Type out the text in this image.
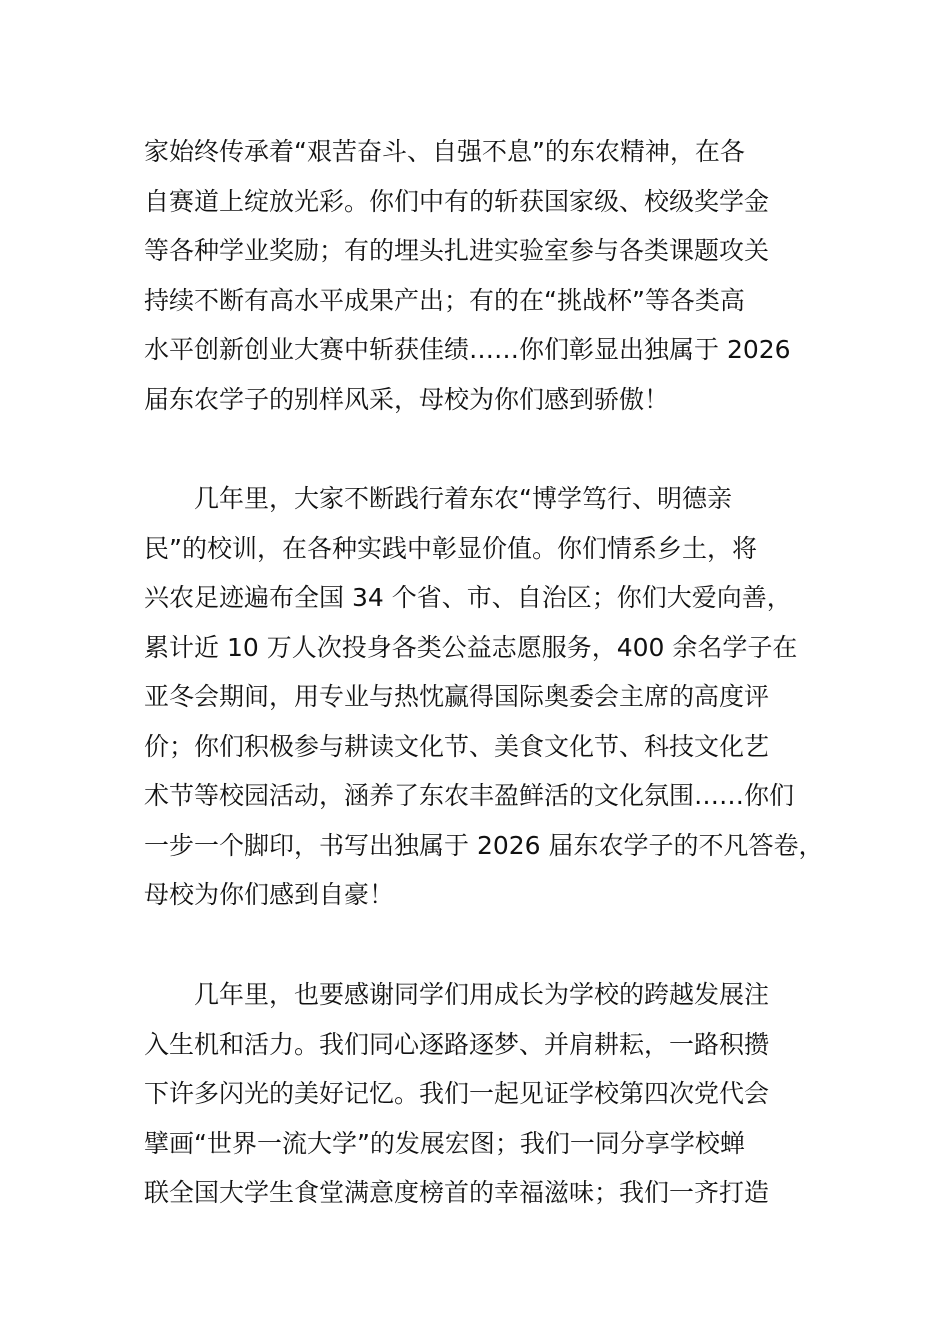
家始终传承着“艰苦奋斗、自强不息”的东农精神，在各
自赛道上绽放光彩。你们中有的斩获国家级、校级奖学金
等各种学业奖励；有的埋头扎进实验室参与各类课题攻关
持续不断有高水平成果产出；有的在“挑战杯”等各类高
水平创新创业大赛中斩获佳绩……你们彰显出独属于 2026
届东农学子的别样风采，母校为你们感到骄傲！
　　几年里，大家不断践行着东农“博学笃行、明德亲
民”的校训，在各种实践中彰显价值。你们情系乡土，将
兴农足迹遍布全国 34 个省、市、自治区；你们大爱向善，
累计近 10 万人次投身各类公益志愿服务，400 余名学子在
亚冬会期间，用专业与热忱赢得国际奥委会主席的高度评
价；你们积极参与耕读文化节、美食文化节、科技文化艺
术节等校园活动，涵养了东农丰盈鲜活的文化氛围……你们
一步一个脚印，书写出独属于 2026 届东农学子的不凡答卷，
母校为你们感到自豪！
　　几年里，也要感谢同学们用成长为学校的跨越发展注
入生机和活力。我们同心逐路逐梦、并肩耕耘，一路积攒
下许多闪光的美好记忆。我们一起见证学校第四次党代会
擘画“世界一流大学”的发展宏图；我们一同分享学校蝉
联全国大学生食堂满意度榜首的幸福滋味；我们一齐打造
